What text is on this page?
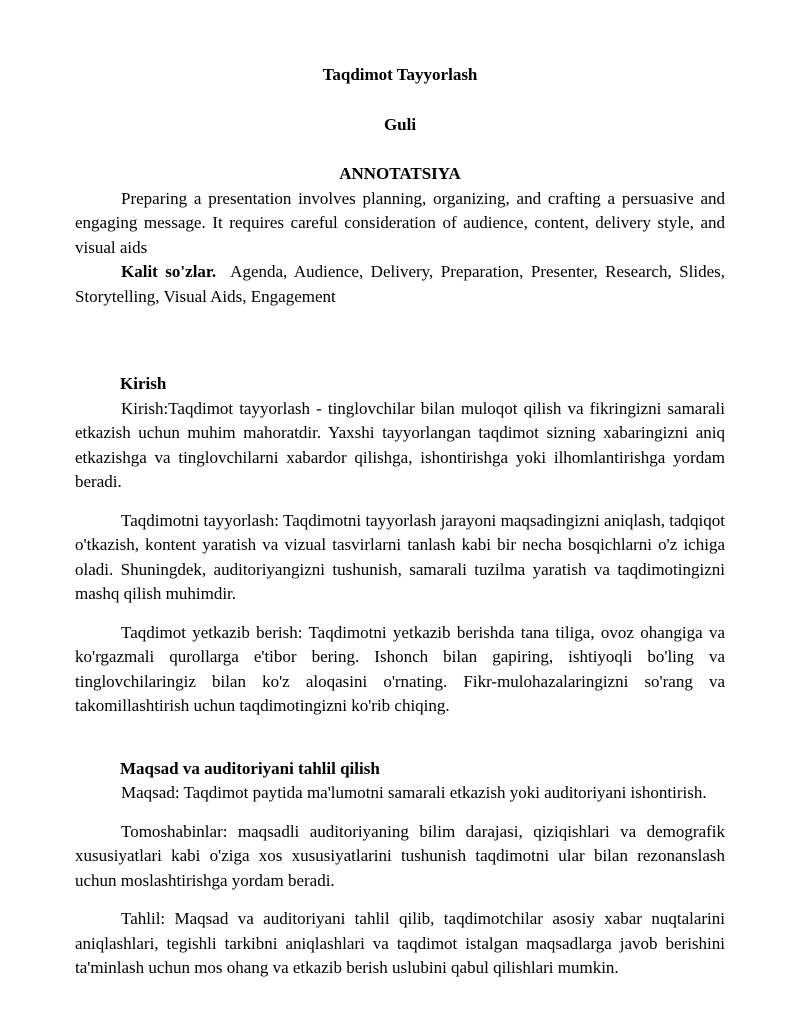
Taqdimot Tayyorlash
Guli
ANNOTATSIYA

Preparing a presentation involves planning, organizing, and crafting a persuasive and engaging message. It requires careful consideration of audience, content, delivery style, and visual aids

Kalit so'zlar. Agenda, Audience, Delivery, Preparation, Presenter, Research, Slides, Storytelling, Visual Aids, Engagement

Kirish

Kirish:Taqdimot tayyorlash - tinglovchilar bilan muloqot qilish va fikringizni samarali etkazish uchun muhim mahoratdir. Yaxshi tayyorlangan taqdimot sizning xabaringizni aniq etkazishga va tinglovchilarni xabardor qilishga, ishontirishga yoki ilhomlantirishga yordam beradi.

Taqdimotni tayyorlash: Taqdimotni tayyorlash jarayoni maqsadingizni aniqlash, tadqiqot o'tkazish, kontent yaratish va vizual tasvirlarni tanlash kabi bir necha bosqichlarni o'z ichiga oladi. Shuningdek, auditoriyangizni tushunish, samarali tuzilma yaratish va taqdimotingizni mashq qilish muhimdir.

Taqdimot yetkazib berish: Taqdimotni yetkazib berishda tana tiliga, ovoz ohangiga va ko'rgazmali qurollarga e'tibor bering. Ishonch bilan gapiring, ishtiyoqli bo'ling va tinglovchilaringiz bilan ko'z aloqasini o'rnating. Fikr-mulohazalaringizni so'rang va takomillashtirish uchun taqdimotingizni ko'rib chiqing.

Maqsad va auditoriyani tahlil qilish

Maqsad: Taqdimot paytida ma'lumotni samarali etkazish yoki auditoriyani ishontirish.

Tomoshabinlar: maqsadli auditoriyaning bilim darajasi, qiziqishlari va demografik xususiyatlari kabi o'ziga xos xususiyatlarini tushunish taqdimotni ular bilan rezonanslash uchun moslashtirishga yordam beradi.

Tahlil: Maqsad va auditoriyani tahlil qilib, taqdimotchilar asosiy xabar nuqtalarini aniqlashlari, tegishli tarkibni aniqlashlari va taqdimot istalgan maqsadlarga javob berishini ta'minlash uchun mos ohang va etkazib berish uslubini qabul qilishlari mumkin.
